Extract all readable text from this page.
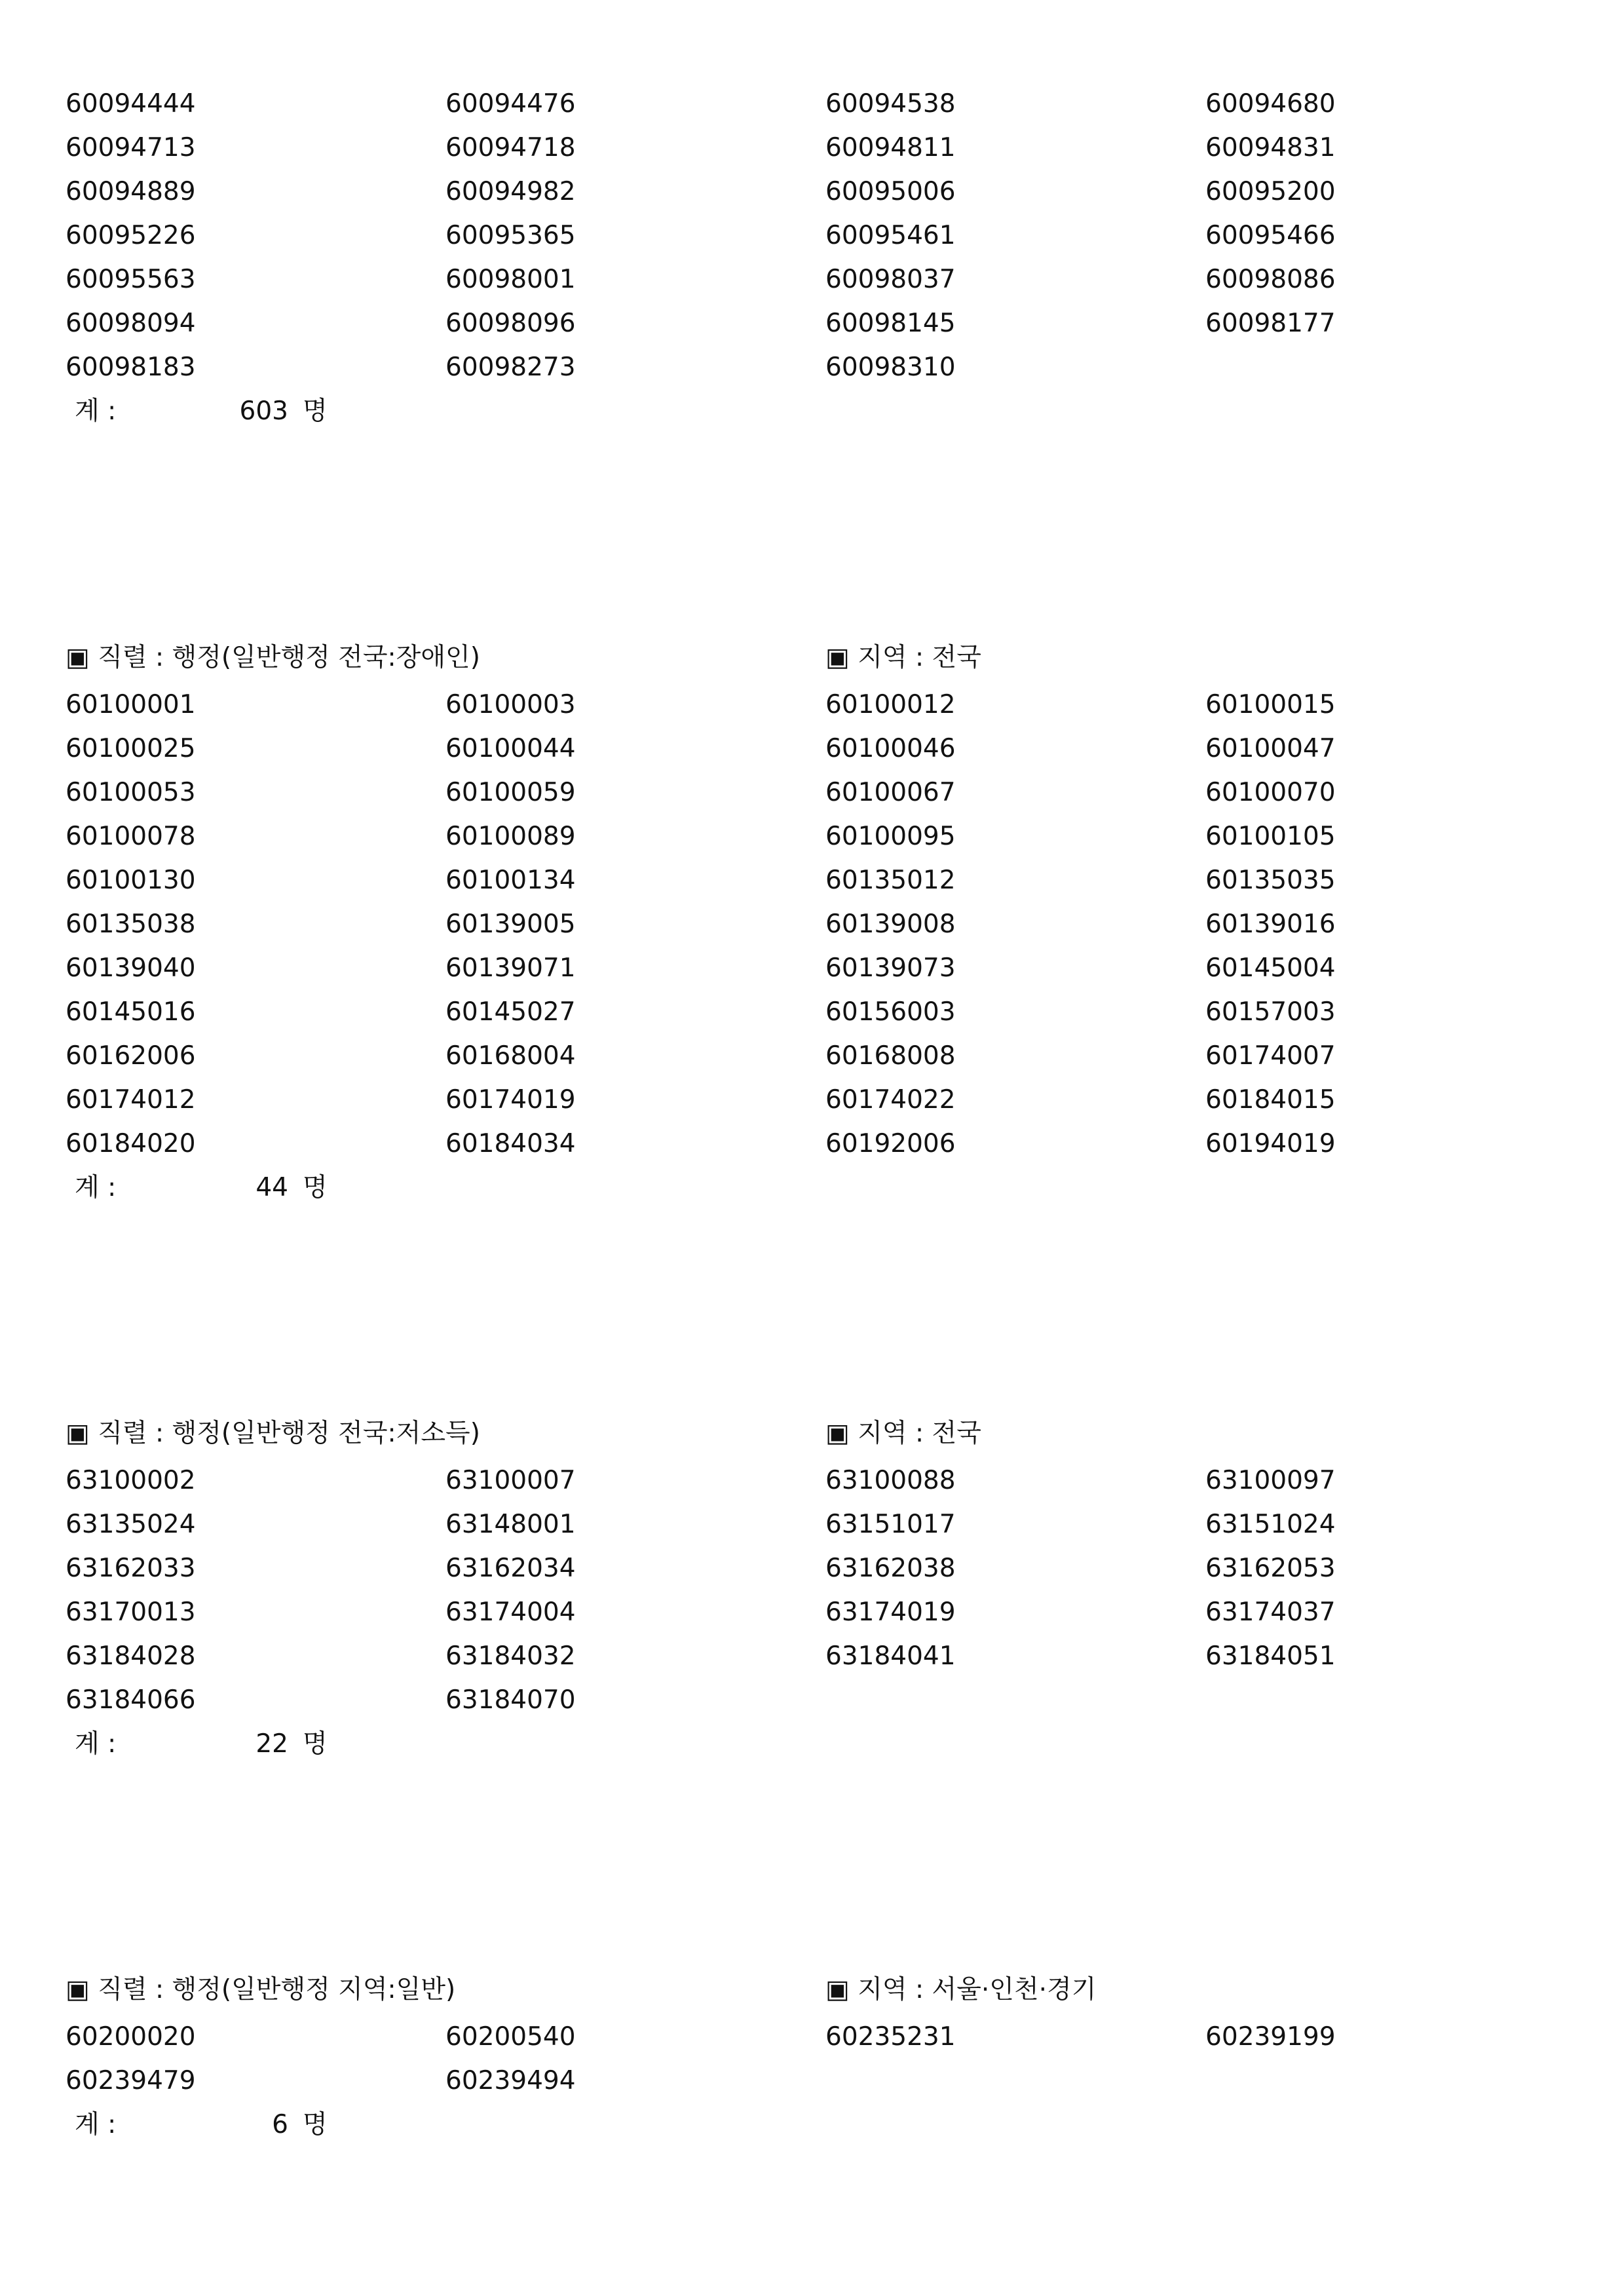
60094444	60094476	60094538	60094680
60094713	60094718	60094811	60094831
60094889	60094982	60095006	60095200
60095226	60095365	60095461	60095466
60095563	60098001	60098037	60098086
60098094	60098096	60098145	60098177
60098183	60098273	60098310
계 :	603 명
▣ 직렬 : 행정(일반행정 전국:장애인)	▣ 지역 : 전국
60100001	60100003	60100012	60100015
60100025	60100044	60100046	60100047
60100053	60100059	60100067	60100070
60100078	60100089	60100095	60100105
60100130	60100134	60135012	60135035
60135038	60139005	60139008	60139016
60139040	60139071	60139073	60145004
60145016	60145027	60156003	60157003
60162006	60168004	60168008	60174007
60174012	60174019	60174022	60184015
60184020	60184034	60192006	60194019
계 :	44 명
▣ 직렬 : 행정(일반행정 전국:저소득)	▣ 지역 : 전국
63100002	63100007	63100088	63100097
63135024	63148001	63151017	63151024
63162033	63162034	63162038	63162053
63170013	63174004	63174019	63174037
63184028	63184032	63184041	63184051
63184066	63184070
계 :	22 명
▣ 직렬 : 행정(일반행정 지역:일반)	▣ 지역 : 서울·인천·경기
60200020	60200540	60235231	60239199
60239479	60239494
계 :	6 명
